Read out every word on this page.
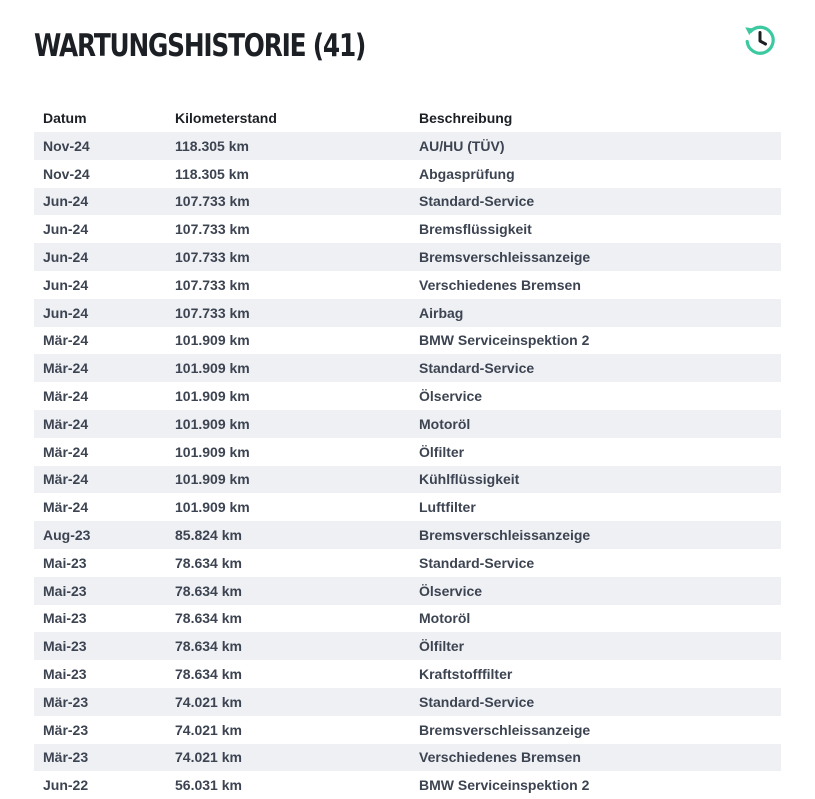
WARTUNGSHISTORIE (41)
Datum	Kilometerstand	Beschreibung
Nov-24	118.305 km	AU/HU (TÜV)
Nov-24	118.305 km	Abgasprüfung
Jun-24	107.733 km	Standard-Service
Jun-24	107.733 km	Bremsflüssigkeit
Jun-24	107.733 km	Bremsverschleissanzeige
Jun-24	107.733 km	Verschiedenes Bremsen
Jun-24	107.733 km	Airbag
Mär-24	101.909 km	BMW Serviceinspektion 2
Mär-24	101.909 km	Standard-Service
Mär-24	101.909 km	Ölservice
Mär-24	101.909 km	Motoröl
Mär-24	101.909 km	Ölfilter
Mär-24	101.909 km	Kühlflüssigkeit
Mär-24	101.909 km	Luftfilter
Aug-23	85.824 km	Bremsverschleissanzeige
Mai-23	78.634 km	Standard-Service
Mai-23	78.634 km	Ölservice
Mai-23	78.634 km	Motoröl
Mai-23	78.634 km	Ölfilter
Mai-23	78.634 km	Kraftstofffilter
Mär-23	74.021 km	Standard-Service
Mär-23	74.021 km	Bremsverschleissanzeige
Mär-23	74.021 km	Verschiedenes Bremsen
Jun-22	56.031 km	BMW Serviceinspektion 2
